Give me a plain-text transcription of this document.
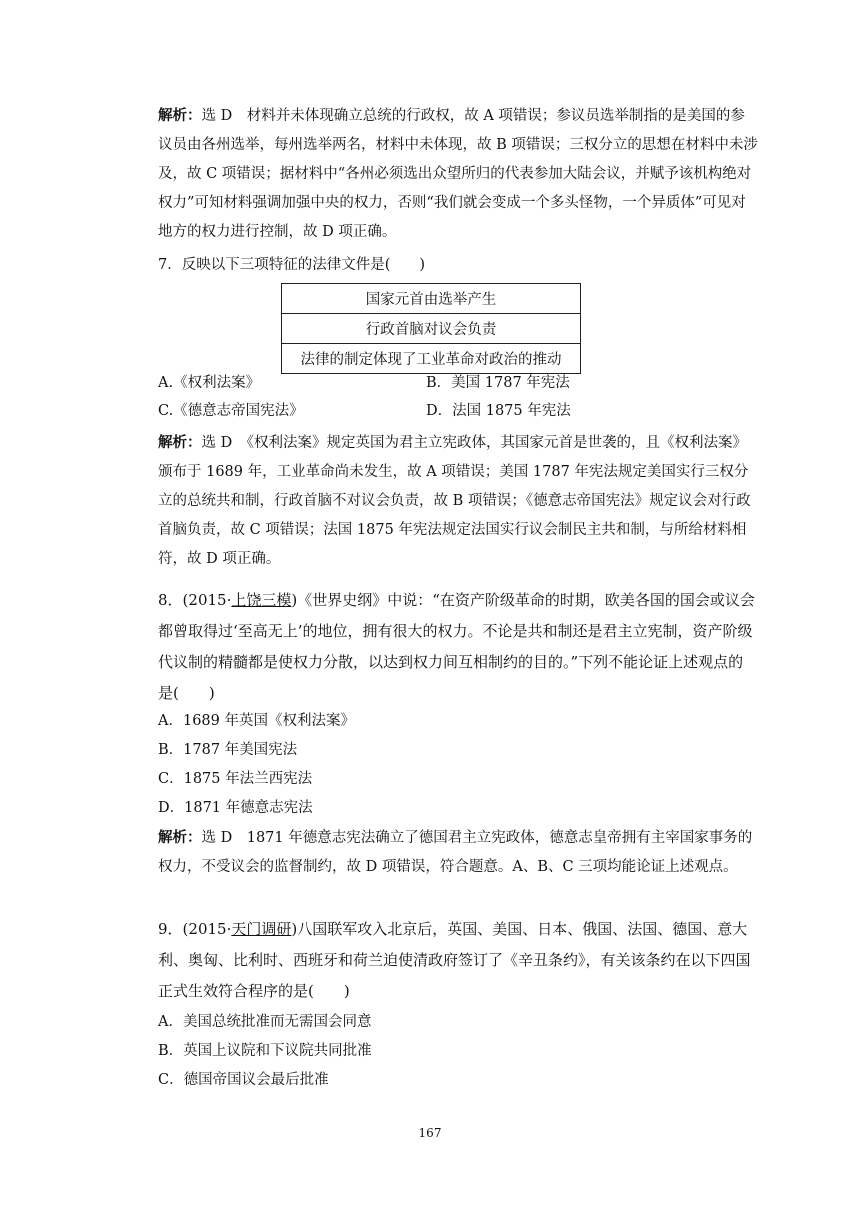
解析：选 D　材料并未体现确立总统的行政权，故 A 项错误；参议员选举制指的是美国的参议员由各州选举，每州选举两名，材料中未体现，故 B 项错误；三权分立的思想在材料中未涉及，故 C 项错误；据材料中“各州必须选出众望所归的代表参加大陆会议，并赋予该机构绝对权力”可知材料强调加强中央的权力，否则“我们就会变成一个多头怪物，一个异质体”可见对地方的权力进行控制，故 D 项正确。
7．反映以下三项特征的法律文件是(　　)
国家元首由选举产生
行政首脑对议会负责
法律的制定体现了工业革命对政治的推动
A.《权利法案》	B．美国 1787 年宪法
C.《德意志帝国宪法》	D．法国 1875 年宪法
解析：选 D　《权利法案》规定英国为君主立宪政体，其国家元首是世袭的，且《权利法案》颁布于 1689 年，工业革命尚未发生，故 A 项错误；美国 1787 年宪法规定美国实行三权分立的总统共和制，行政首脑不对议会负责，故 B 项错误；《德意志帝国宪法》规定议会对行政首脑负责，故 C 项错误；法国 1875 年宪法规定法国实行议会制民主共和制，与所给材料相符，故 D 项正确。
8．(2015·上饶三模)《世界史纲》中说：“在资产阶级革命的时期，欧美各国的国会或议会都曾取得过‘至高无上’的地位，拥有很大的权力。不论是共和制还是君主立宪制，资产阶级代议制的精髓都是使权力分散，以达到权力间互相制约的目的。”下列不能论证上述观点的是(　　)
A．1689 年英国《权利法案》
B．1787 年美国宪法
C．1875 年法兰西宪法
D．1871 年德意志宪法
解析：选 D　1871 年德意志宪法确立了德国君主立宪政体，德意志皇帝拥有主宰国家事务的权力，不受议会的监督制约，故 D 项错误，符合题意。A、B、C 三项均能论证上述观点。
9．(2015·天门调研)八国联军攻入北京后，英国、美国、日本、俄国、法国、德国、意大利、奥匈、比利时、西班牙和荷兰迫使清政府签订了《辛丑条约》，有关该条约在以下四国正式生效符合程序的是(　　)
A．美国总统批准而无需国会同意
B．英国上议院和下议院共同批准
C．德国帝国议会最后批准
167
